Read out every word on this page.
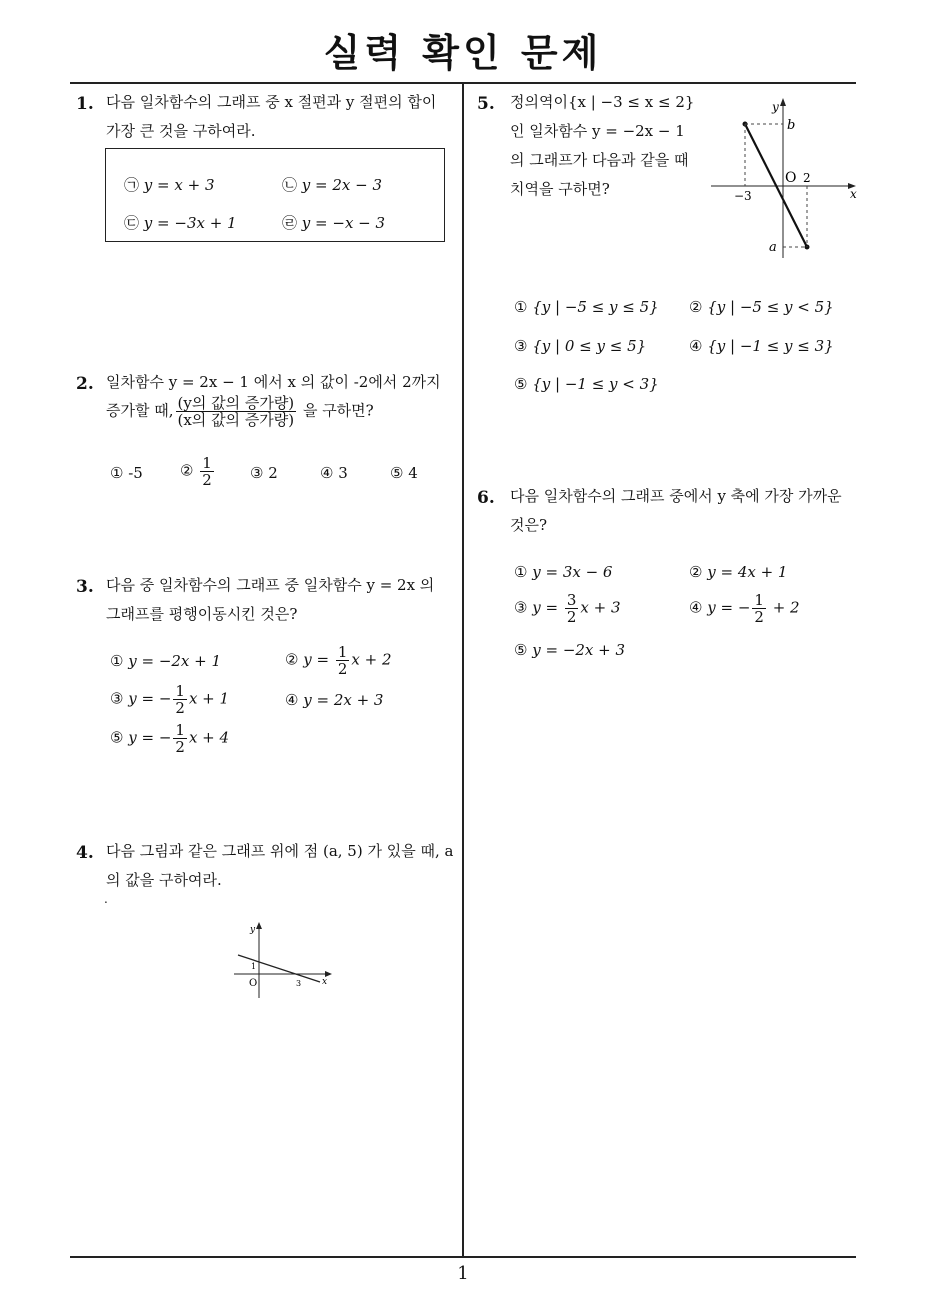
실력 확인 문제
1
1. 다음 일차함수의 그래프 중 x 절편과 y 절편의 합이
가장 큰 것을 구하여라.
㉠ y = x + 3	㉡ y = 2x − 3
㉢ y = −3x + 1	㉣ y = −x − 3
2. 일차함수 y = 2x − 1 에서 x 의 값이 -2에서 2까지
증가할 때, $\frac{\text{(y의 값의 증가량)}}{\text{(x의 값의 증가량)}}$ 을 구하면?
① -5 ② $\frac{1}{2}$ ③ 2	④ 3	⑤ 4
3. 다음 중 일차함수의 그래프 중 일차함수 y = 2x 의
그래프를 평행이동시킨 것은?
① y = −2x + 1	② $y = \frac{1}{2}$ x + 2
③ y = − $\frac{1}{2}$ x + 1	④ y = 2x + 3
⑤ y = − $\frac{1}{2}$ x + 4
4. 다음 그림과 같은 그래프 위에 점 (a, 5) 가 있을 때, a
의 값을 구하여라.
.
y
x
O
1
3
5. 정의역이{x | −3 ≤ x ≤ 2}
인 일차함수 y = −2x − 1
의 그래프가 다음과 같을 때
치역을 구하면?
y
x
O
b
a
−3
2
① {y | −5 ≤ y ≤ 5} ② {y | −5 ≤ y < 5}
③ {y | 0 ≤ y ≤ 5}	④ {y | −1 ≤ y ≤ 3}
⑤ {y | −1 ≤ y < 3}
6. 다음 일차함수의 그래프 중에서 y 축에 가장 가까운
것은?
① y = 3x − 6	② y = 4x + 1
③ $y = \frac{3}{2}$ x + 3	④ y = − $\frac{1}{2} + 2$
⑤ y = −2x + 3
